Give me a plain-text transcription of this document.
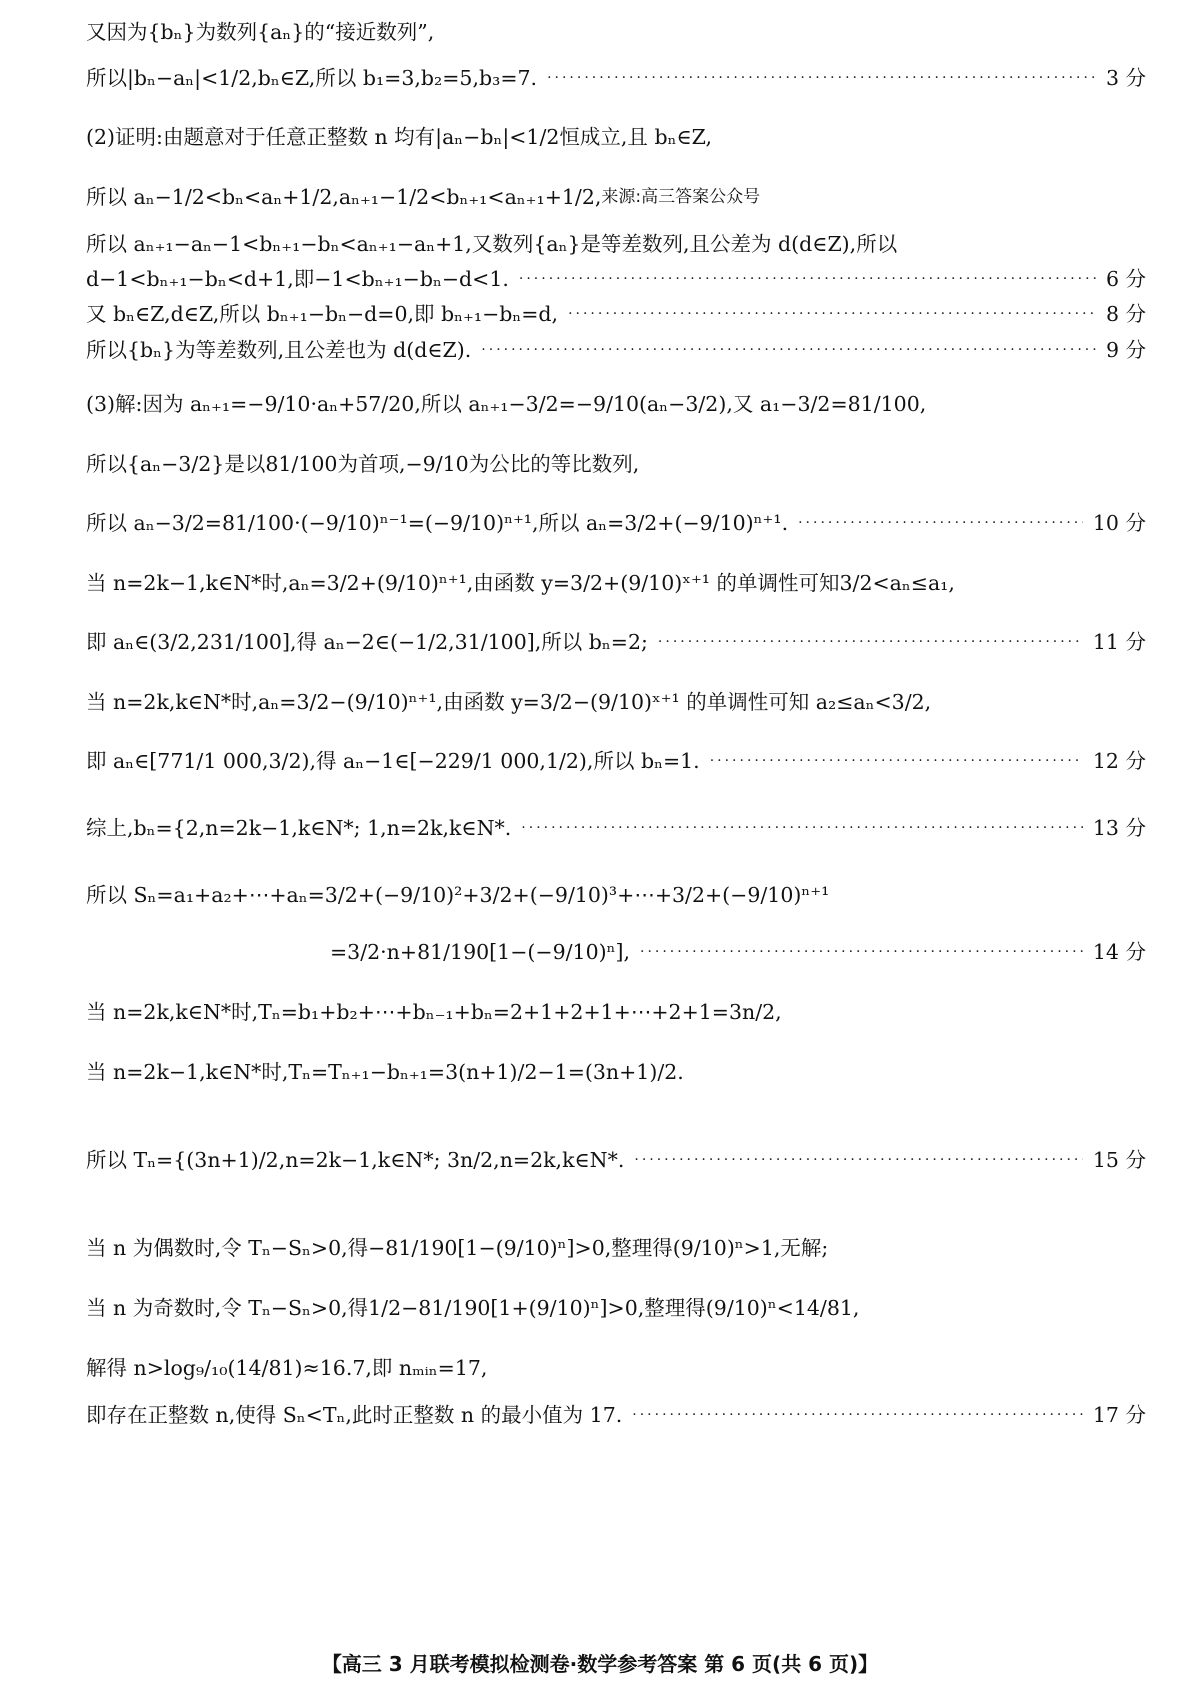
又因为{bₙ}为数列{aₙ}的“接近数列”,
所以|bₙ−aₙ|<1/2,bₙ∈Z,所以 b₁=3,b₂=5,b₃=7. ·····	3 分
(2)证明:由题意对于任意正整数 n 均有|aₙ−bₙ|<1/2恒成立,且 bₙ∈Z,
所以 aₙ−1/2<bₙ<aₙ+1/2,aₙ₊₁−1/2<bₙ₊₁<aₙ₊₁+1/2, 来源:高三答案公众号
所以 aₙ₊₁−aₙ−1<bₙ₊₁−bₙ<aₙ₊₁−aₙ+1,又数列{aₙ}是等差数列,且公差为 d(d∈Z),所以
d−1<bₙ₊₁−bₙ<d+1,即−1<bₙ₊₁−bₙ−d<1. ·····	6 分
又 bₙ∈Z,d∈Z,所以 bₙ₊₁−bₙ−d=0,即 bₙ₊₁−bₙ=d, ·····	8 分
所以{bₙ}为等差数列,且公差也为 d(d∈Z). ·····	9 分
(3)解:因为 aₙ₊₁=−9/10·aₙ+57/20,所以 aₙ₊₁−3/2=−9/10(aₙ−3/2),又 a₁−3/2=81/100,
所以{aₙ−3/2}是以81/100为首项,−9/10为公比的等比数列,
所以 aₙ−3/2=81/100·(−9/10)ⁿ⁻¹=(−9/10)ⁿ⁺¹,所以 aₙ=3/2+(−9/10)ⁿ⁺¹. ·····	10 分
当 n=2k−1,k∈N*时,aₙ=3/2+(9/10)ⁿ⁺¹,由函数 y=3/2+(9/10)ˣ⁺¹ 的单调性可知3/2<aₙ≤a₁,
即 aₙ∈(3/2,231/100],得 aₙ−2∈(−1/2,31/100],所以 bₙ=2; ·····	11 分
当 n=2k,k∈N*时,aₙ=3/2−(9/10)ⁿ⁺¹,由函数 y=3/2−(9/10)ˣ⁺¹ 的单调性可知 a₂≤aₙ<3/2,
即 aₙ∈[771/1 000,3/2),得 aₙ−1∈[−229/1 000,1/2),所以 bₙ=1. ·····	12 分
综上,bₙ={2,n=2k−1,k∈N*; 1,n=2k,k∈N*. ·····	13 分
所以 Sₙ=a₁+a₂+⋯+aₙ=3/2+(−9/10)²+3/2+(−9/10)³+⋯+3/2+(−9/10)ⁿ⁺¹
=3/2·n+81/190[1−(−9/10)ⁿ], ·····	14 分
当 n=2k,k∈N*时,Tₙ=b₁+b₂+⋯+bₙ₋₁+bₙ=2+1+2+1+⋯+2+1=3n/2,
当 n=2k−1,k∈N*时,Tₙ=Tₙ₊₁−bₙ₊₁=3(n+1)/2−1=(3n+1)/2.
所以 Tₙ={(3n+1)/2,n=2k−1,k∈N*; 3n/2,n=2k,k∈N*. ·····	15 分
当 n 为偶数时,令 Tₙ−Sₙ>0,得−81/190[1−(9/10)ⁿ]>0,整理得(9/10)ⁿ>1,无解;
当 n 为奇数时,令 Tₙ−Sₙ>0,得1/2−81/190[1+(9/10)ⁿ]>0,整理得(9/10)ⁿ<14/81,
解得 n>log₉/₁₀(14/81)≈16.7,即 nₘᵢₙ=17,
即存在正整数 n,使得 Sₙ<Tₙ,此时正整数 n 的最小值为 17. ·····	17 分
【高三 3 月联考模拟检测卷·数学参考答案 第 6 页(共 6 页)】
